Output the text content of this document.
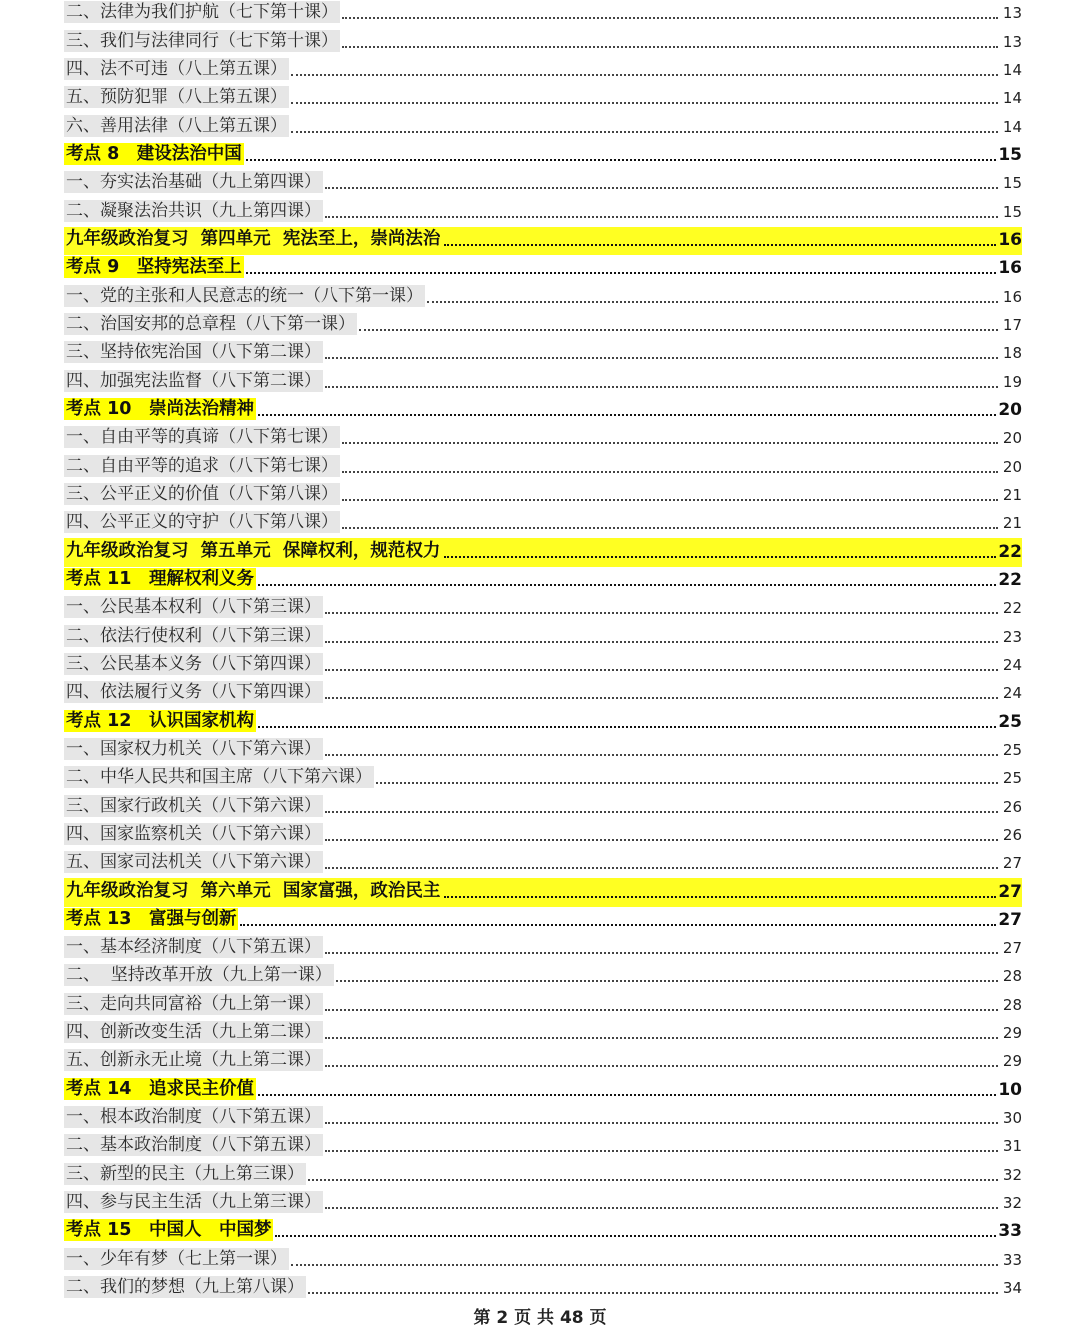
二、法律为我们护航（七下第十课）	13
三、我们与法律同行（七下第十课）	13
四、法不可违（八上第五课）	14
五、预防犯罪（八上第五课）	14
六、善用法律（八上第五课）	14
考点 8　建设法治中国	15
一、夯实法治基础（九上第四课）	15
二、凝聚法治共识（九上第四课）	15
九年级政治复习  第四单元  宪法至上，崇尚法治	16
考点 9　坚持宪法至上	16
一、党的主张和人民意志的统一（八下第一课）	16
二、治国安邦的总章程（八下第一课）	17
三、坚持依宪治国（八下第二课）	18
四、加强宪法监督（八下第二课）	19
考点 10　崇尚法治精神	20
一、自由平等的真谛（八下第七课）	20
二、自由平等的追求（八下第七课）	20
三、公平正义的价值（八下第八课）	21
四、公平正义的守护（八下第八课）	21
九年级政治复习  第五单元  保障权利，规范权力	22
考点 11　理解权利义务	22
一、公民基本权利（八下第三课）	22
二、依法行使权利（八下第三课）	23
三、公民基本义务（八下第四课）	24
四、依法履行义务（八下第四课）	24
考点 12　认识国家机构	25
一、国家权力机关（八下第六课）	25
二、中华人民共和国主席（八下第六课）	25
三、国家行政机关（八下第六课）	26
四、国家监察机关（八下第六课）	26
五、国家司法机关（八下第六课）	27
九年级政治复习  第六单元  国家富强，政治民主	27
考点 13　富强与创新	27
一、基本经济制度（八下第五课）	27
二、  坚持改革开放（九上第一课）	28
三、走向共同富裕（九上第一课）	28
四、创新改变生活（九上第二课）	29
五、创新永无止境（九上第二课）	29
考点 14　追求民主价值	10
一、根本政治制度（八下第五课）	30
二、基本政治制度（八下第五课）	31
三、新型的民主（九上第三课）	32
四、参与民主生活（九上第三课）	32
考点 15　中国人　中国梦	33
一、少年有梦（七上第一课）	33
二、我们的梦想（九上第八课）	34
第 2 页 共 48 页
